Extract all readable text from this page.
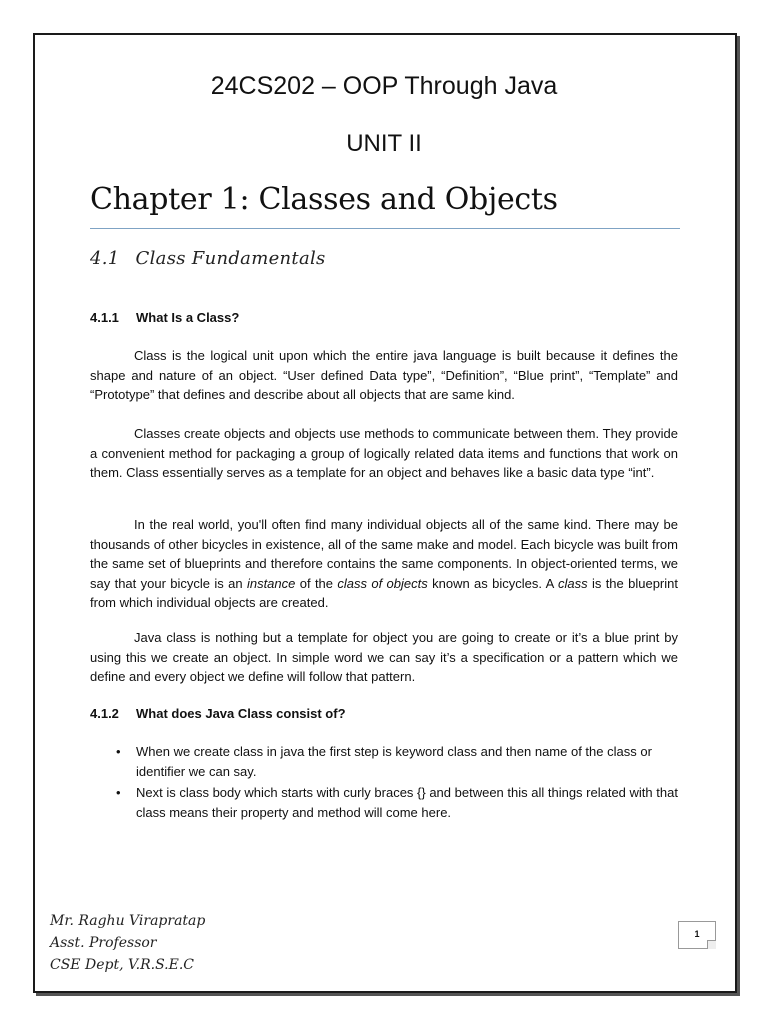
24CS202 – OOP Through Java
UNIT II
Chapter 1: Classes and Objects
4.1 Class Fundamentals
4.1.1 What Is a Class?

Class is the logical unit upon which the entire java language is built because it defines the shape and nature of an object. “User defined Data type”, “Definition”, “Blue print”, “Template” and “Prototype” that defines and describe about all objects that are same kind.

Classes create objects and objects use methods to communicate between them. They provide a convenient method for packaging a group of logically related data items and functions that work on them. Class essentially serves as a template for an object and behaves like a basic data type “int”.

In the real world, you'll often find many individual objects all of the same kind. There may be thousands of other bicycles in existence, all of the same make and model. Each bicycle was built from the same set of blueprints and therefore contains the same components. In object-oriented terms, we say that your bicycle is an instance of the class of objects known as bicycles. A class is the blueprint from which individual objects are created.

Java class is nothing but a template for object you are going to create or it’s a blue print by using this we create an object. In simple word we can say it’s a specification or a pattern which we define and every object we define will follow that pattern.

4.1.2 What does Java Class consist of?
• When we create class in java the first step is keyword class and then name of the class or identifier we can say.
• Next is class body which starts with curly braces {} and between this all things related with that class means their property and method will come here.
Mr. Raghu Virapratap
Asst. Professor
CSE Dept, V.R.S.E.C
1
